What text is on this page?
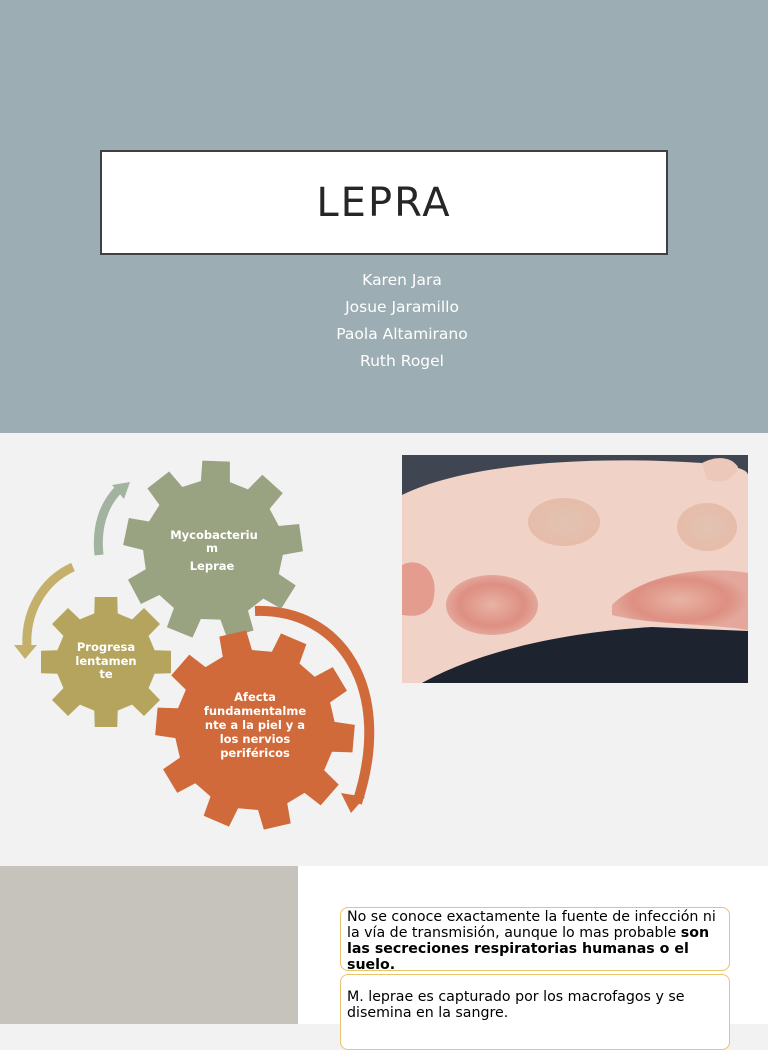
LEPRA
Karen Jara
Josue Jaramillo
Paola Altamirano
Ruth Rogel
Mycobacteriu
m
Leprae
Progresa
lentamen
te
Afecta
fundamentalme
nte a la piel y a
los nervios
periféricos
No se conoce exactamente la fuente de infección ni la vía de transmisión, aunque lo mas probable son las secreciones respiratorias humanas o el suelo.
M. leprae es capturado por los macrofagos y se disemina en la sangre.
